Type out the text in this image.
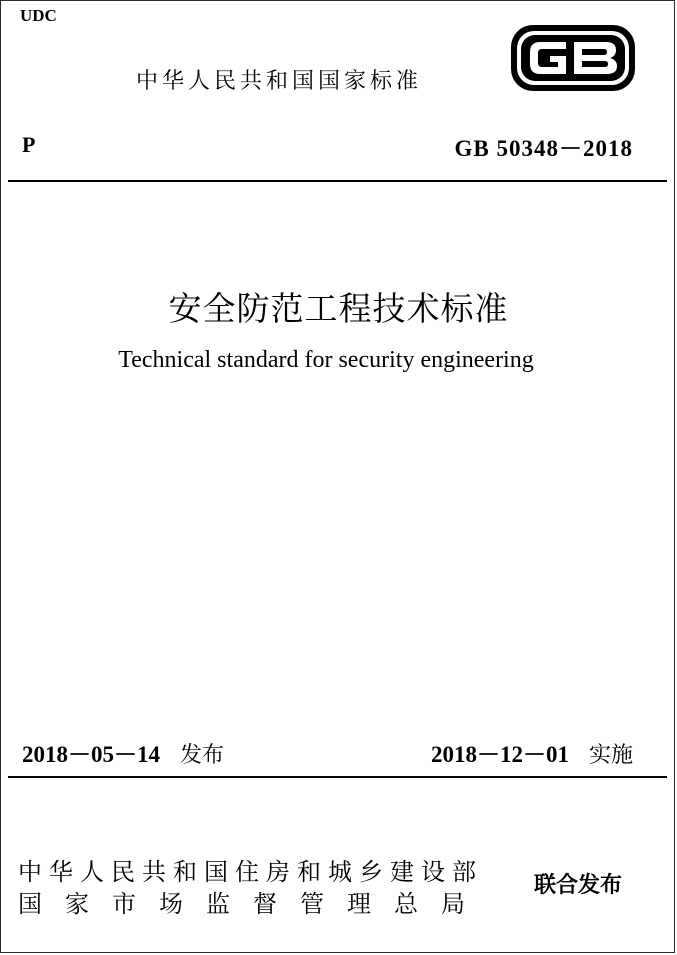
UDC
中华人民共和国国家标准
P	GB 50348－2018
安全防范工程技术标准
Technical standard for security engineering
2018－05－14 发布	2018－12－01 实施
中华人民共和国住房和城乡建设部
国家市场监督管理总局
联合发布
